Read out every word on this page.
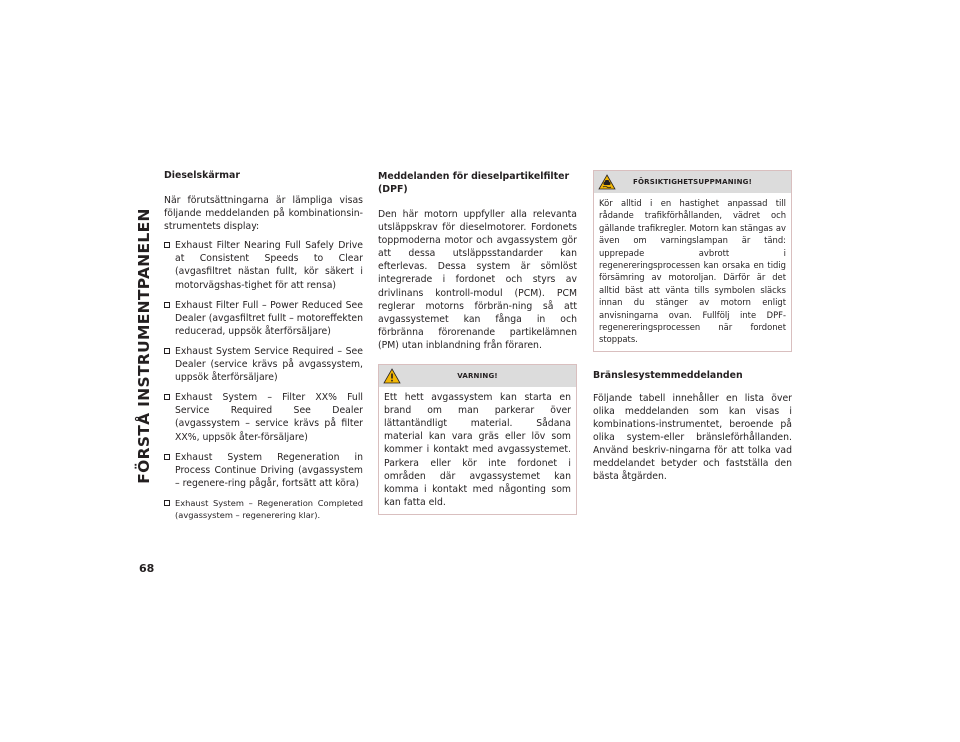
FÖRSTÅ INSTRUMENTPANELEN
68
Dieselskärmar

När förutsättningarna är lämpliga visas följande meddelanden på kombinationsin-strumentets display:

Exhaust Filter Nearing Full Safely Drive at Consistent Speeds to Clear (avgasfiltret nästan fullt, kör säkert i motorvägshas-tighet för att rensa)
Exhaust Filter Full – Power Reduced See Dealer (avgasfiltret fullt – motoreffekten reducerad, uppsök återförsäljare)
Exhaust System Service Required – See Dealer (service krävs på avgassystem, uppsök återförsäljare)
Exhaust System – Filter XX% Full Service Required See Dealer (avgassystem – service krävs på filter XX%, uppsök åter-försäljare)
Exhaust System Regeneration in Process Continue Driving (avgassystem – regenere-ring pågår, fortsätt att köra)
Exhaust System – Regeneration Completed (avgassystem – regenerering klar).
Meddelanden för dieselpartikelfilter (DPF)

Den här motorn uppfyller alla relevanta utsläppskrav för dieselmotorer. Fordonets toppmoderna motor och avgassystem gör att dessa utsläppsstandarder kan efterlevas. Dessa system är sömlöst integrerade i fordonet och styrs av drivlinans kontroll-modul (PCM). PCM reglerar motorns förbrän-ning så att avgassystemet kan fånga in och förbränna förorenande partikelämnen (PM) utan inblandning från föraren.

VARNING!

Ett hett avgassystem kan starta en brand om man parkerar över lättantändligt material. Sådana material kan vara gräs eller löv som kommer i kontakt med avgassystemet. Parkera eller kör inte fordonet i områden där avgassystemet kan komma i kontakt med någonting som kan fatta eld.

FÖRSIKTIGHETSUPPMANING!

Kör alltid i en hastighet anpassad till rådande trafikförhållanden, vädret och gällande trafikregler. Motorn kan stängas av även om varningslampan är tänd: upprepade avbrott i regenereringsprocessen kan orsaka en tidig försämring av motoroljan. Därför är det alltid bäst att vänta tills symbolen släcks innan du stänger av motorn enligt anvisningarna ovan. Fullfölj inte DPF-regenereringsprocessen när fordonet stoppats.

Bränslesystemmeddelanden

Följande tabell innehåller en lista över olika meddelanden som kan visas i kombinations-instrumentet, beroende på olika system-eller bränsleförhållanden. Använd beskriv-ningarna för att tolka vad meddelandet betyder och fastställa den bästa åtgärden.
